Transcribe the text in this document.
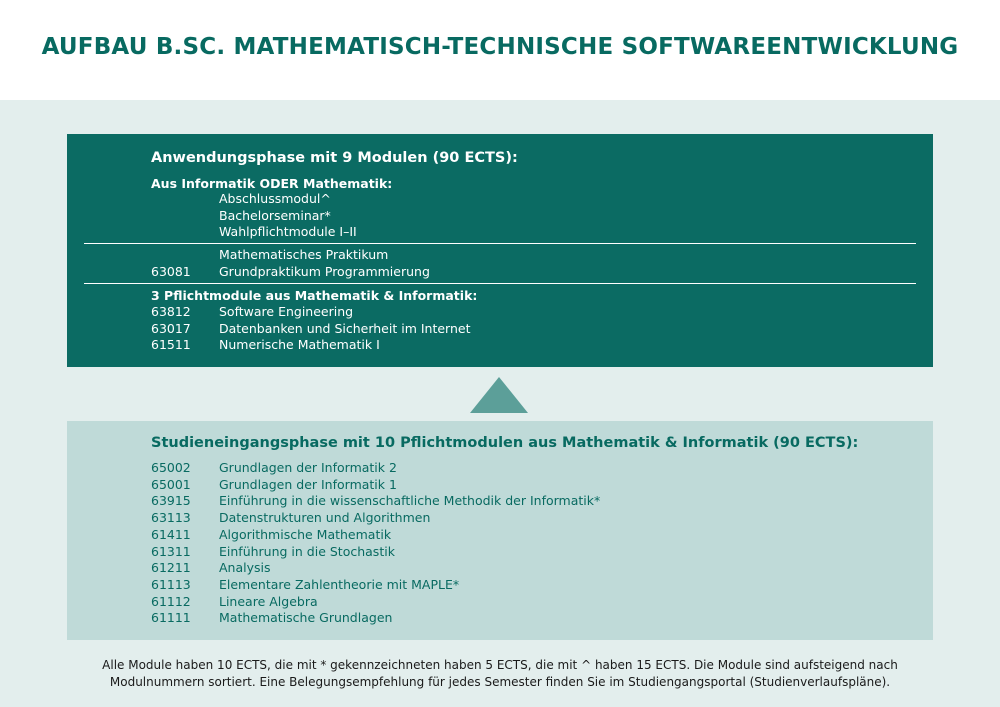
AUFBAU B.SC. MATHEMATISCH-TECHNISCHE SOFTWAREENTWICKLUNG
Anwendungsphase mit 9 Modulen (90 ECTS):
Aus Informatik ODER Mathematik:
Abschlussmodul^
Bachelorseminar*
Wahlpflichtmodule I–II
Mathematisches Praktikum
63081	Grundpraktikum Programmierung
3 Pflichtmodule aus Mathematik & Informatik:
63812	Software Engineering
63017	Datenbanken und Sicherheit im Internet
61511	Numerische Mathematik I
Studieneingangsphase mit 10 Pflichtmodulen aus Mathematik & Informatik (90 ECTS):
65002	Grundlagen der Informatik 2
65001	Grundlagen der Informatik 1
63915	Einführung in die wissenschaftliche Methodik der Informatik*
63113	Datenstrukturen und Algorithmen
61411	Algorithmische Mathematik
61311	Einführung in die Stochastik
61211	Analysis
61113	Elementare Zahlentheorie mit MAPLE*
61112	Lineare Algebra
61111	Mathematische Grundlagen
Alle Module haben 10 ECTS, die mit * gekennzeichneten haben 5 ECTS, die mit ^ haben 15 ECTS. Die Module sind aufsteigend nach
Modulnummern sortiert. Eine Belegungsempfehlung für jedes Semester finden Sie im Studiengangsportal (Studienverlaufspläne).
